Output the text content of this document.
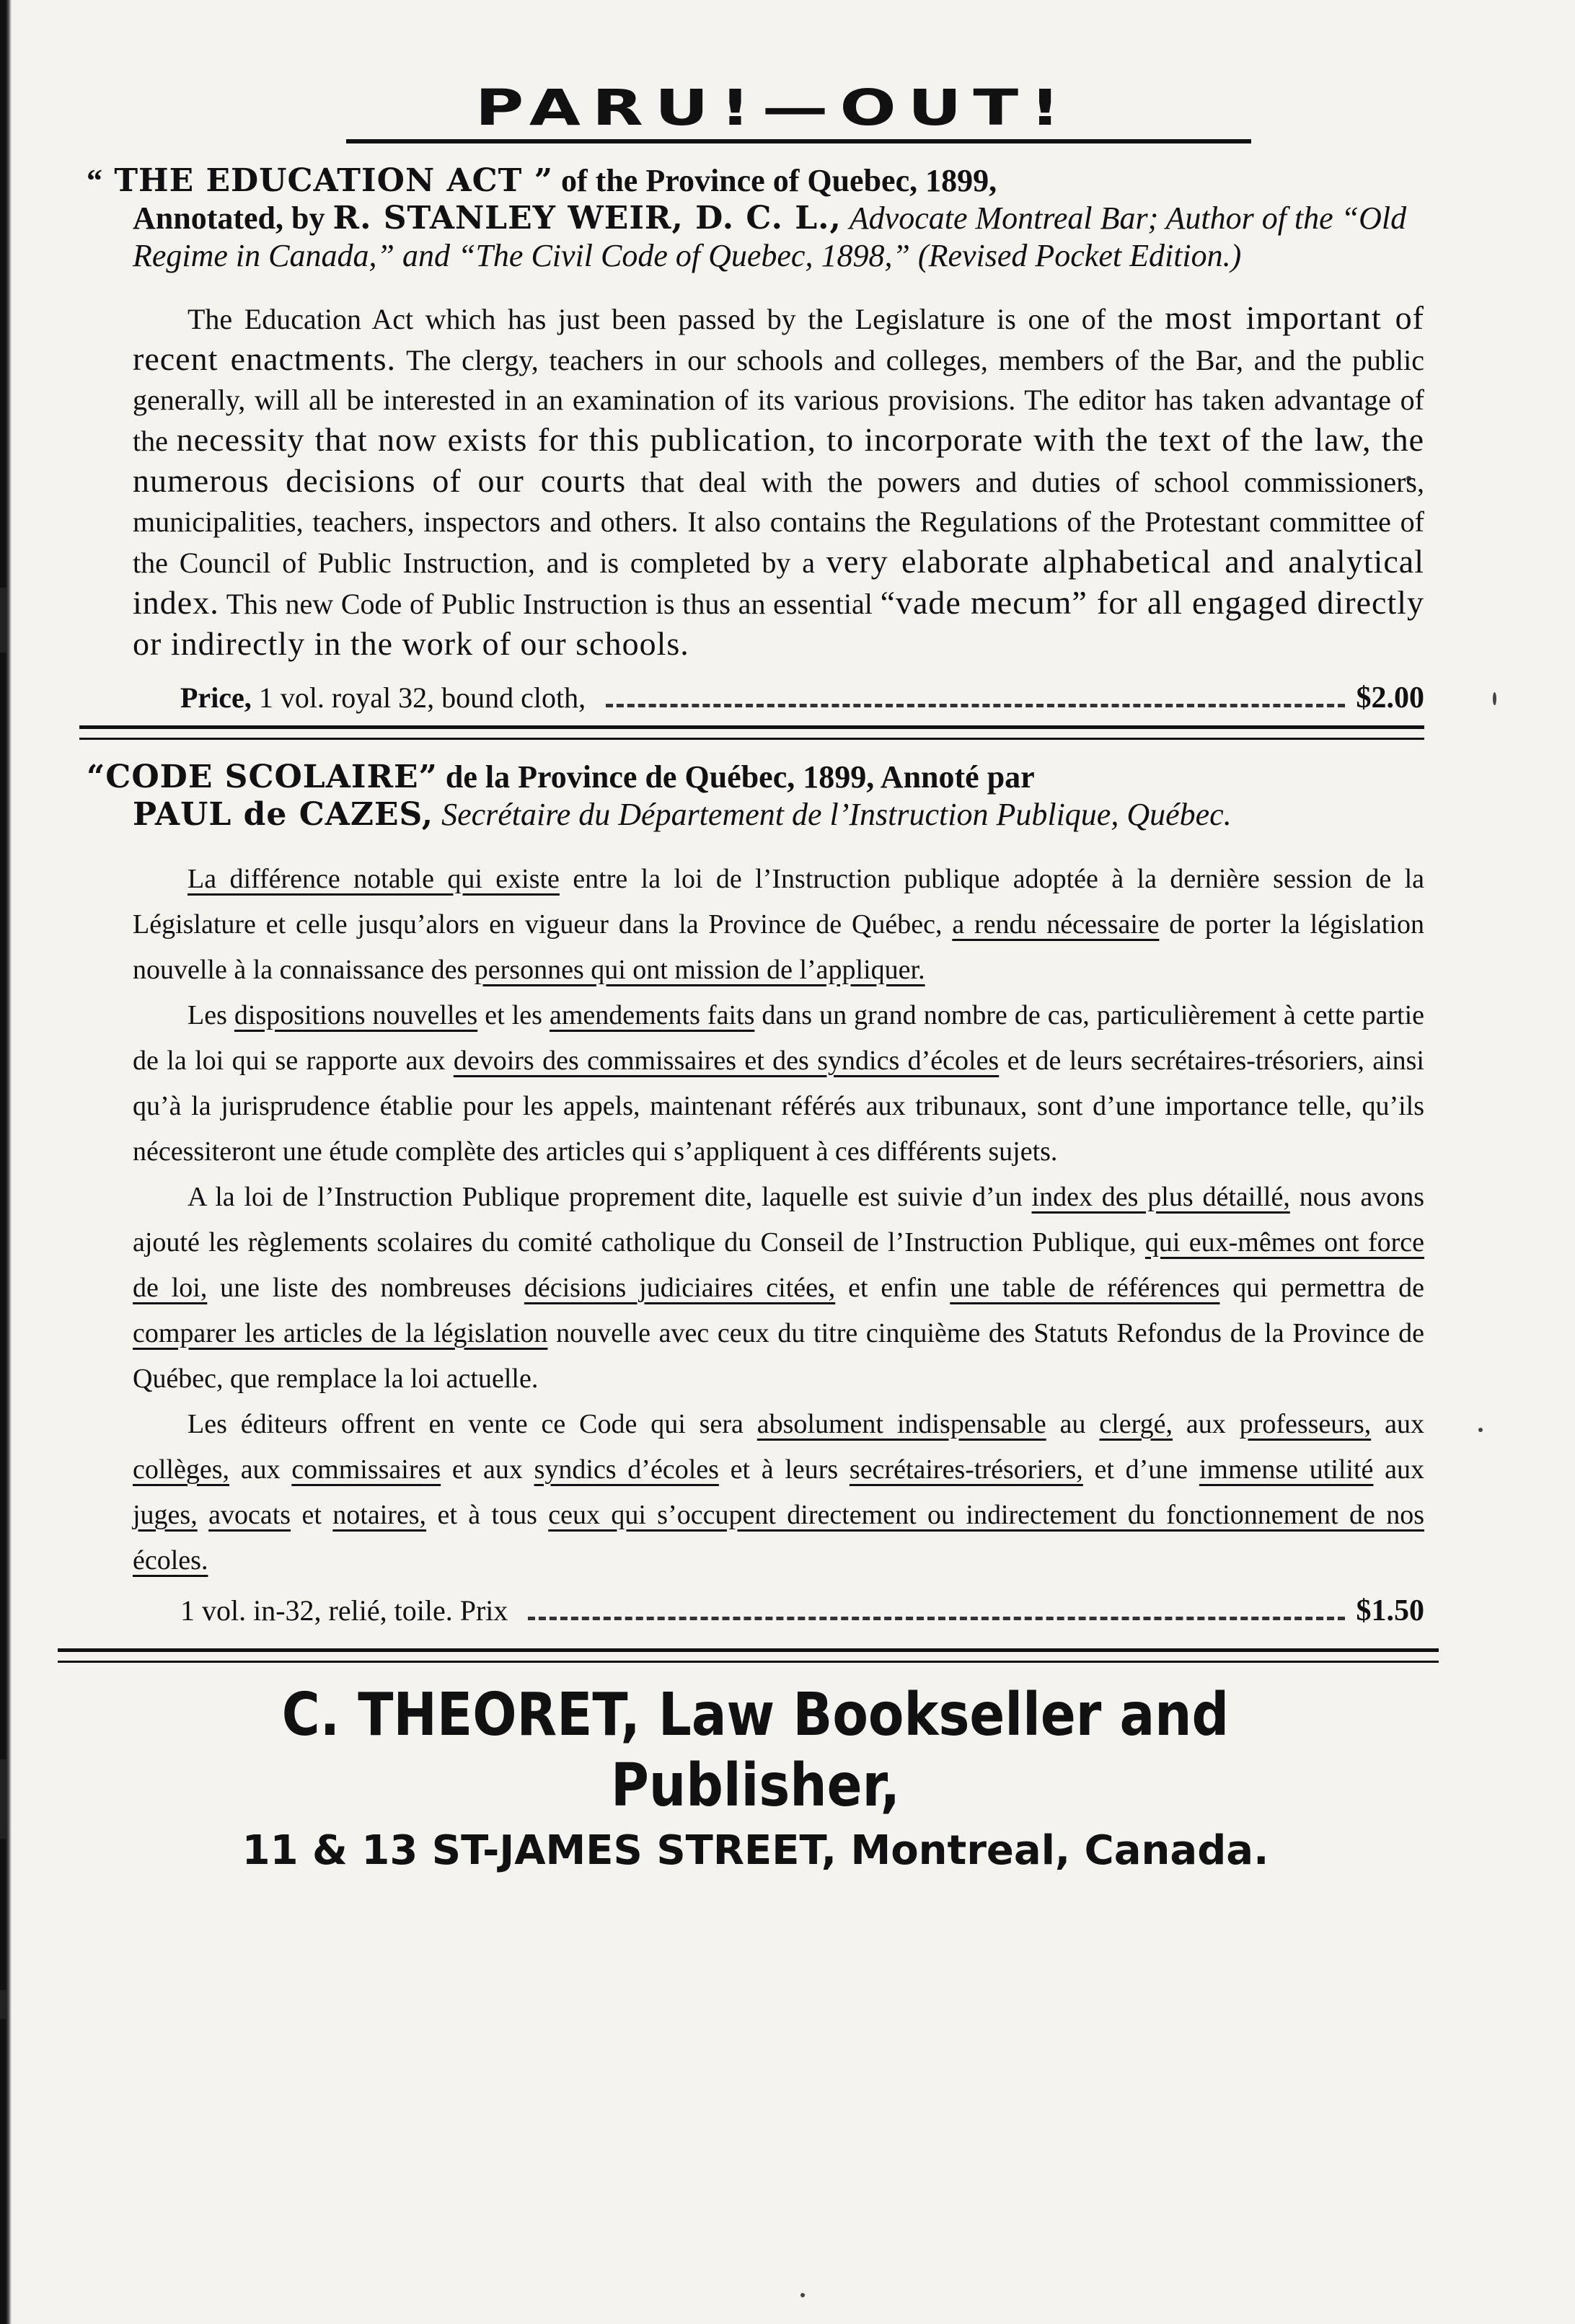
PARU!—OUT!
“ THE EDUCATION ACT ” of the Province of Quebec, 1899,
Annotated, by R. STANLEY WEIR, D. C. L., Advocate Montreal Bar; Author of the “Old Regime in Canada,” and “The Civil Code of Quebec, 1898,” (Revised Pocket Edition.)

The Education Act which has just been passed by the Legislature is one of the most important of recent enactments. The clergy, teachers in our schools and colleges, members of the Bar, and the public generally, will all be interested in an examination of its various provisions. The editor has taken advantage of the necessity that now exists for this publication, to incorporate with the text of the law, the numerous decisions of our courts that deal with the powers and duties of school commissioners, municipalities, teachers, inspectors and others. It also contains the Regulations of the Protestant committee of the Council of Public Instruction, and is completed by a very elaborate alphabetical and analytical index. This new Code of Public Instruction is thus an essential “vade mecum” for all engaged directly or indirectly in the work of our schools.

Price, 1 vol. royal 32, bound cloth,	$2.00
“CODE SCOLAIRE” de la Province de Québec, 1899, Annoté par
PAUL de CAZES, Secrétaire du Département de l’Instruction Publique, Québec.

La différence notable qui existe entre la loi de l’Instruction publique adoptée à la dernière session de la Législature et celle jusqu’alors en vigueur dans la Province de Québec, a rendu nécessaire de porter la législation nouvelle à la connaissance des personnes qui ont mission de l’appliquer.

Les dispositions nouvelles et les amendements faits dans un grand nombre de cas, particulièrement à cette partie de la loi qui se rapporte aux devoirs des commissaires et des syndics d’écoles et de leurs secrétaires-trésoriers, ainsi qu’à la jurisprudence établie pour les appels, maintenant référés aux tribunaux, sont d’une importance telle, qu’ils nécessiteront une étude complète des articles qui s’appliquent à ces différents sujets.

A la loi de l’Instruction Publique proprement dite, laquelle est suivie d’un index des plus détaillé, nous avons ajouté les règlements scolaires du comité catholique du Conseil de l’Instruction Publique, qui eux-mêmes ont force de loi, une liste des nombreuses décisions judiciaires citées, et enfin une table de références qui permettra de comparer les articles de la législation nouvelle avec ceux du titre cinquième des Statuts Refondus de la Province de Québec, que remplace la loi actuelle.

Les éditeurs offrent en vente ce Code qui sera absolument indispensable au clergé, aux professeurs, aux collèges, aux commissaires et aux syndics d’écoles et à leurs secrétaires-trésoriers, et d’une immense utilité aux juges, avocats et notaires, et à tous ceux qui s’occupent directement ou indirectement du fonctionnement de nos écoles.

1 vol. in-32, relié, toile. Prix	$1.50
C. THEORET, Law Bookseller and Publisher,
11 & 13 ST-JAMES STREET, Montreal, Canada.
